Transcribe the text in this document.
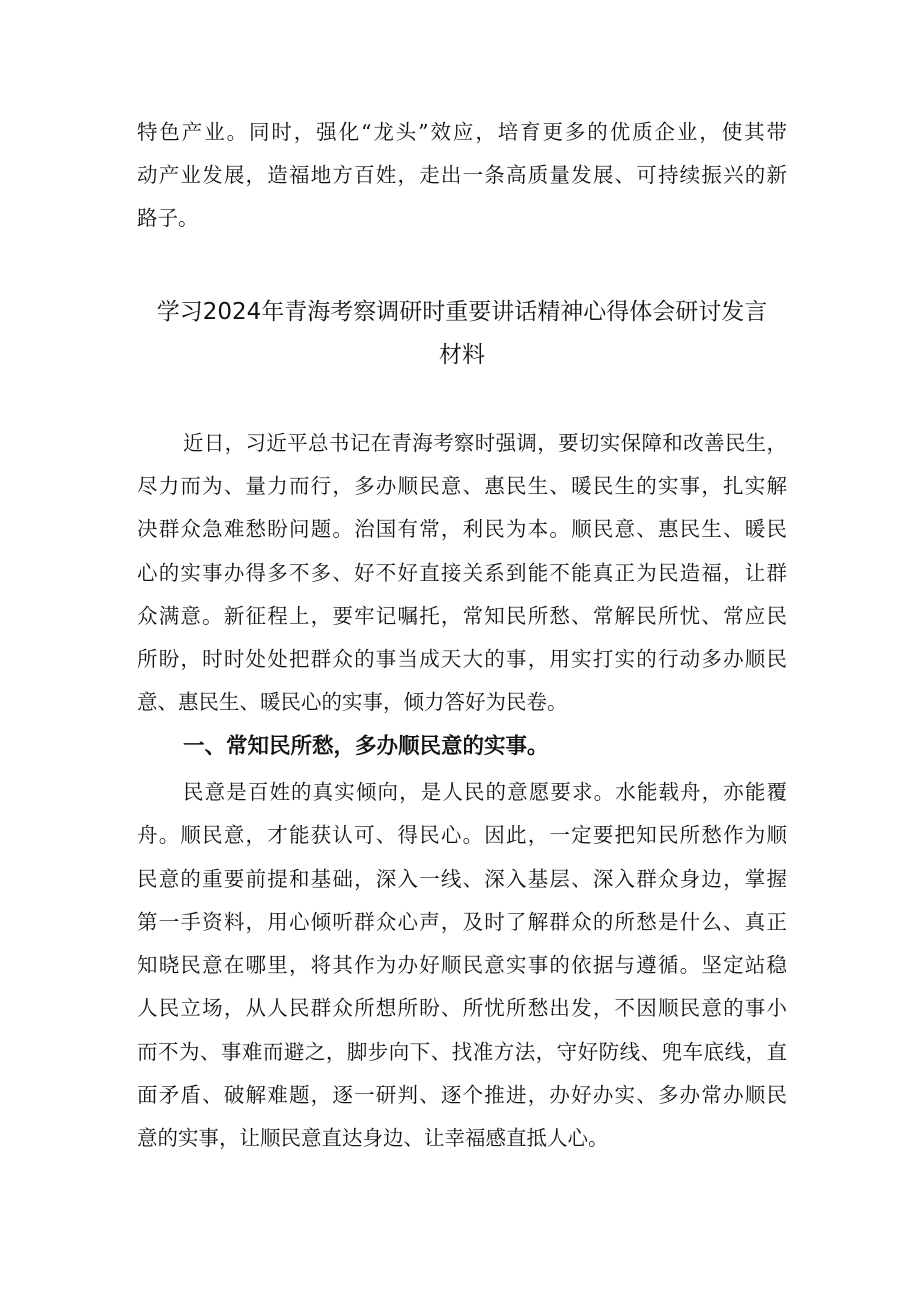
特色产业。同时，强化“龙头”效应，培育更多的优质企业，使其带
动产业发展，造福地方百姓，走出一条高质量发展、可持续振兴的新
路子。
学习2024年青海考察调研时重要讲话精神心得体会研讨发言
材料
近日，习近平总书记在青海考察时强调，要切实保障和改善民生，
尽力而为、量力而行，多办顺民意、惠民生、暖民生的实事，扎实解
决群众急难愁盼问题。治国有常，利民为本。顺民意、惠民生、暖民
心的实事办得多不多、好不好直接关系到能不能真正为民造福，让群
众满意。新征程上，要牢记嘱托，常知民所愁、常解民所忧、常应民
所盼，时时处处把群众的事当成天大的事，用实打实的行动多办顺民
意、惠民生、暖民心的实事，倾力答好为民卷。
一、常知民所愁，多办顺民意的实事。
民意是百姓的真实倾向，是人民的意愿要求。水能载舟，亦能覆
舟。顺民意，才能获认可、得民心。因此，一定要把知民所愁作为顺
民意的重要前提和基础，深入一线、深入基层、深入群众身边，掌握
第一手资料，用心倾听群众心声，及时了解群众的所愁是什么、真正
知晓民意在哪里，将其作为办好顺民意实事的依据与遵循。坚定站稳
人民立场，从人民群众所想所盼、所忧所愁出发，不因顺民意的事小
而不为、事难而避之，脚步向下、找准方法，守好防线、兜车底线，直
面矛盾、破解难题，逐一研判、逐个推进，办好办实、多办常办顺民
意的实事，让顺民意直达身边、让幸福感直抵人心。
